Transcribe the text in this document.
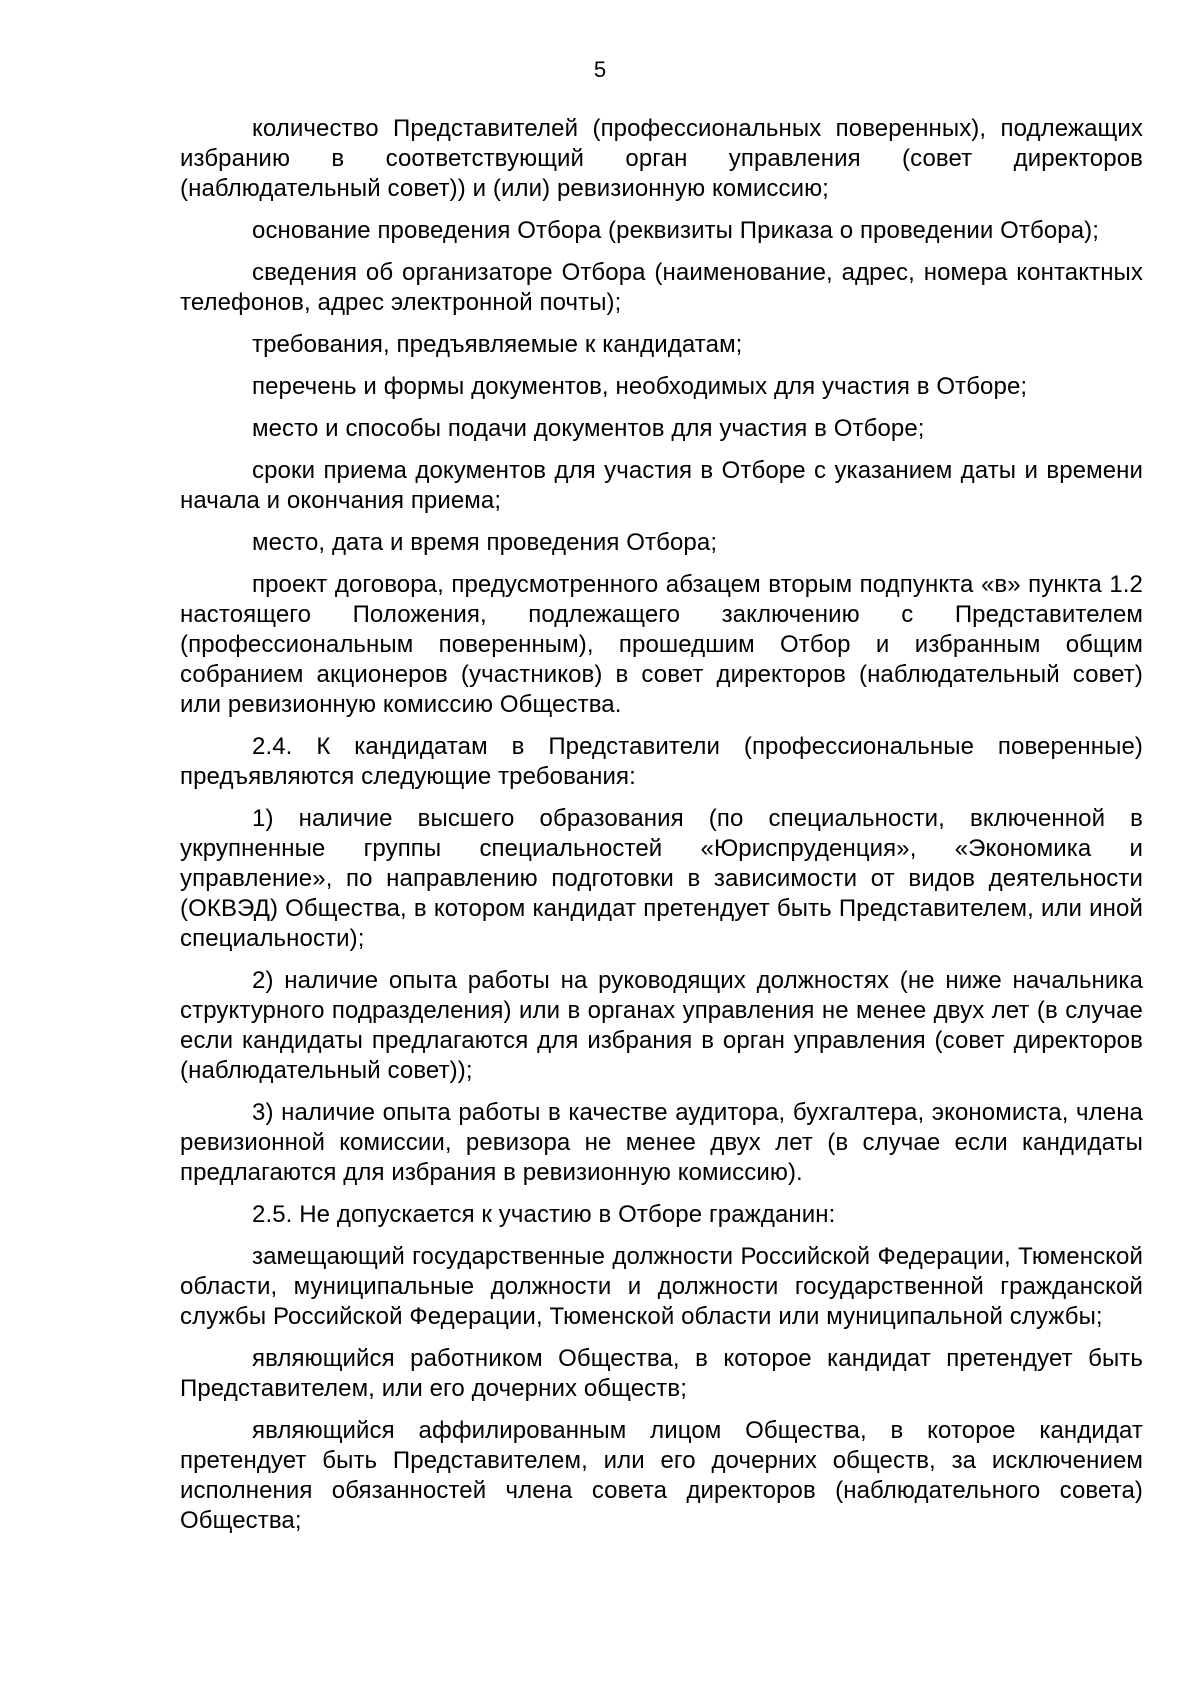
5

количество Представителей (профессиональных поверенных), подлежащих избранию в соответствующий орган управления (совет директоров (наблюдательный совет)) и (или) ревизионную комиссию;

основание проведения Отбора (реквизиты Приказа о проведении Отбора);

сведения об организаторе Отбора (наименование, адрес, номера контактных телефонов, адрес электронной почты);

требования, предъявляемые к кандидатам;

перечень и формы документов, необходимых для участия в Отборе;

место и способы подачи документов для участия в Отборе;

сроки приема документов для участия в Отборе с указанием даты и времени начала и окончания приема;

место, дата и время проведения Отбора;

проект договора, предусмотренного абзацем вторым подпункта «в» пункта 1.2 настоящего Положения, подлежащего заключению с Представителем (профессиональным поверенным), прошедшим Отбор и избранным общим собранием акционеров (участников) в совет директоров (наблюдательный совет) или ревизионную комиссию Общества.

2.4. К кандидатам в Представители (профессиональные поверенные) предъявляются следующие требования:

1) наличие высшего образования (по специальности, включенной в укрупненные группы специальностей «Юриспруденция», «Экономика и управление», по направлению подготовки в зависимости от видов деятельности (ОКВЭД) Общества, в котором кандидат претендует быть Представителем, или иной специальности);

2) наличие опыта работы на руководящих должностях (не ниже начальника структурного подразделения) или в органах управления не менее двух лет (в случае если кандидаты предлагаются для избрания в орган управления (совет директоров (наблюдательный совет));

3) наличие опыта работы в качестве аудитора, бухгалтера, экономиста, члена ревизионной комиссии, ревизора не менее двух лет (в случае если кандидаты предлагаются для избрания в ревизионную комиссию).

2.5. Не допускается к участию в Отборе гражданин:

замещающий государственные должности Российской Федерации, Тюменской области, муниципальные должности и должности государственной гражданской службы Российской Федерации, Тюменской области или муниципальной службы;

являющийся работником Общества, в которое кандидат претендует быть Представителем, или его дочерних обществ;

являющийся аффилированным лицом Общества, в которое кандидат претендует быть Представителем, или его дочерних обществ, за исключением исполнения обязанностей члена совета директоров (наблюдательного совета) Общества;
